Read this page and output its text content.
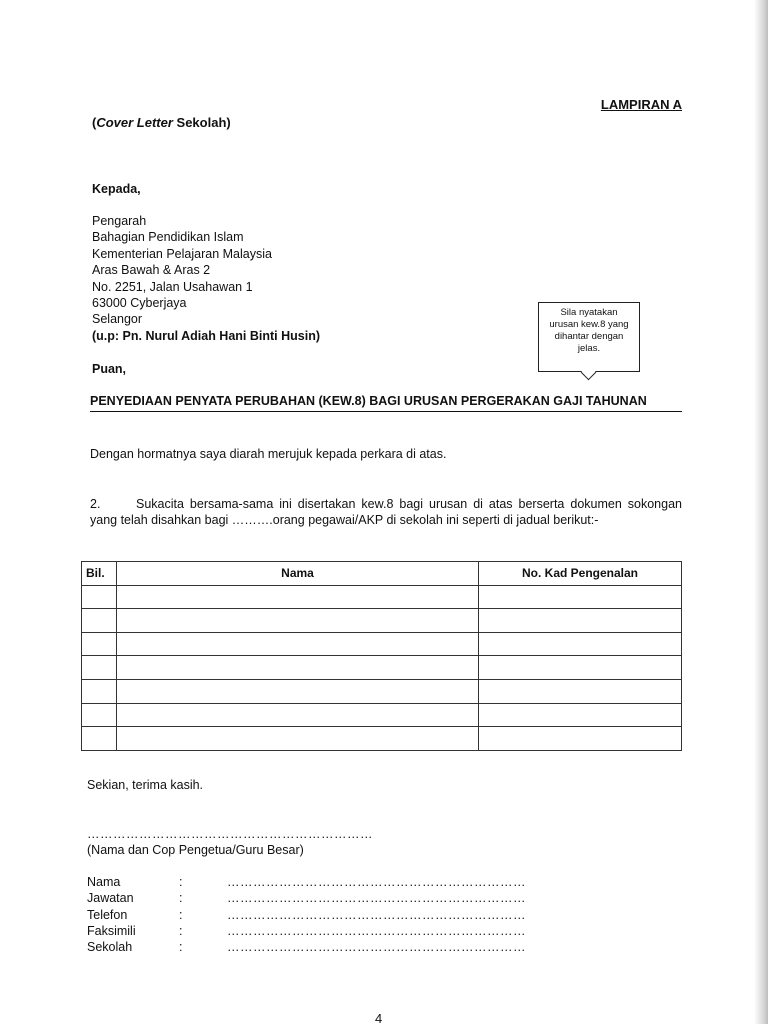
LAMPIRAN A
(Cover Letter Sekolah)
Kepada,
Pengarah
Bahagian Pendidikan Islam
Kementerian Pelajaran Malaysia
Aras Bawah & Aras 2
No. 2251, Jalan Usahawan 1
63000 Cyberjaya
Selangor
(u.p: Pn. Nurul Adiah Hani Binti Husin)
Sila nyatakan urusan kew.8 yang dihantar dengan jelas.
Puan,
PENYEDIAAN PENYATA PERUBAHAN (KEW.8) BAGI URUSAN PERGERAKAN GAJI TAHUNAN
Dengan hormatnya saya diarah merujuk kepada perkara di atas.
2.	Sukacita bersama-sama ini disertakan kew.8 bagi urusan di atas berserta dokumen sokongan yang telah disahkan bagi ……….orang pegawai/AKP di sekolah ini seperti di jadual berikut:-
Bil.	Nama	No. Kad Pengenalan

Sekian, terima kasih.
…………………………………………………………
(Nama dan Cop Pengetua/Guru Besar)
Nama	:	……………………………………………………………
Jawatan	:	……………………………………………………………
Telefon	:	……………………………………………………………
Faksimili	:	……………………………………………………………
Sekolah	:	……………………………………………………………
4
